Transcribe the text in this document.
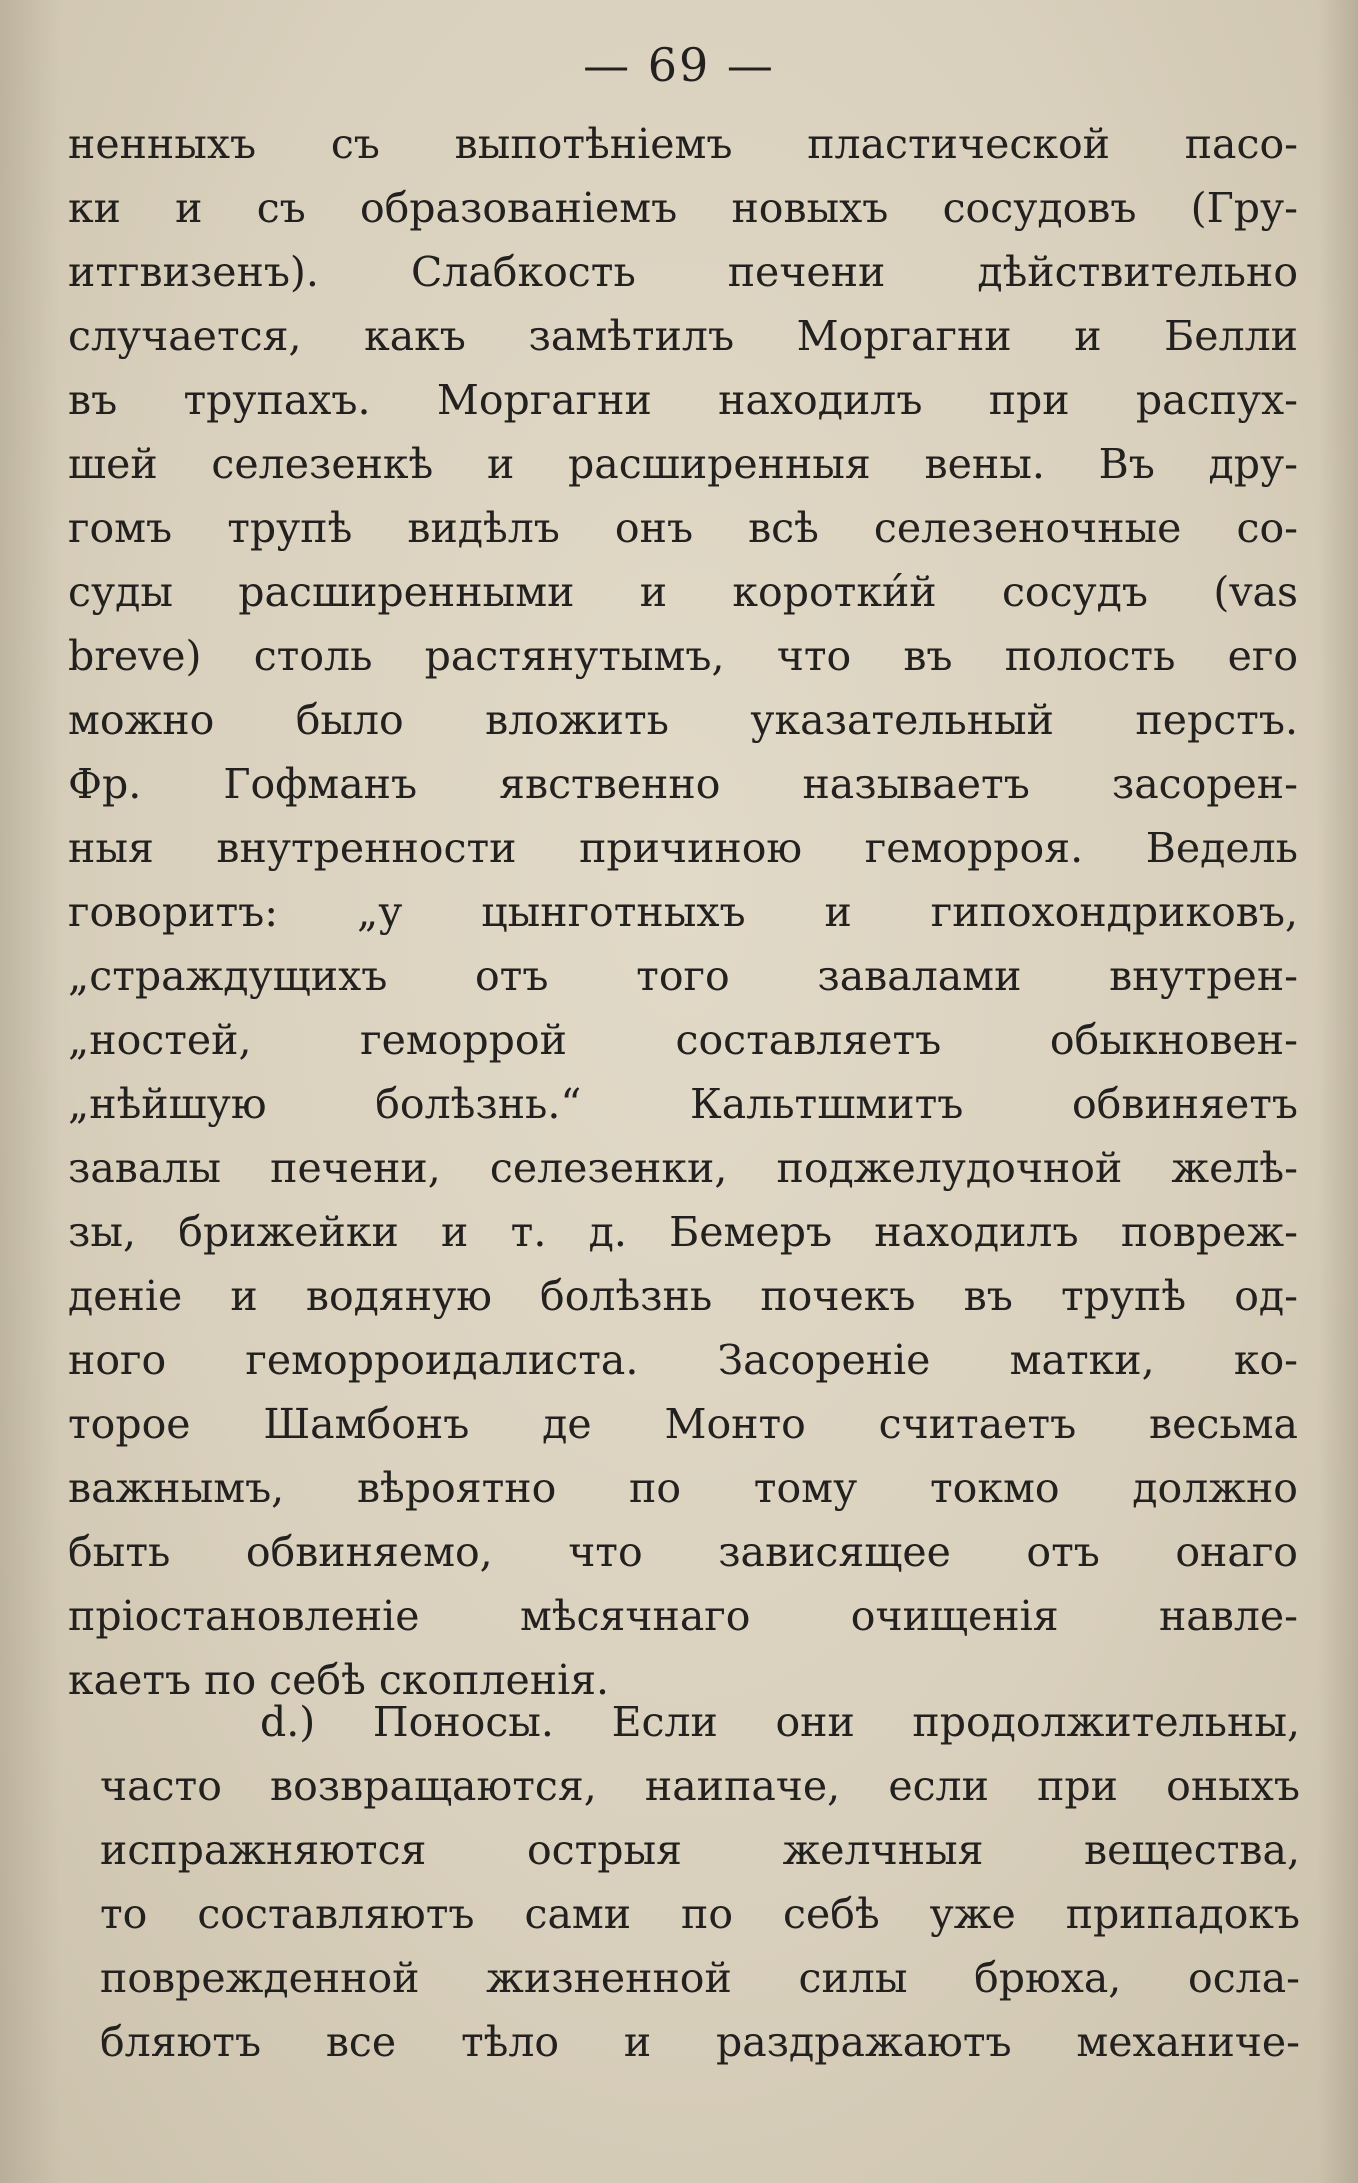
— 69 —
ненныхъ съ выпотѣніемъ пластической пасо-
ки и съ образованіемъ новыхъ сосудовъ (Гру-
итгвизенъ). Слабкость печени дѣйствительно
случается, какъ замѣтилъ Моргагни и Белли
въ трупахъ. Моргагни находилъ при распух-
шей селезенкѣ и расширенныя вены. Въ дру-
гомъ трупѣ видѣлъ онъ всѣ селезеночные со-
суды расширенными и коротки́й сосудъ (vas
breve) столь растянутымъ, что въ полость его
можно было вложить указательный перстъ.
Фр. Гофманъ явственно называетъ засорен-
ныя внутренности причиною геморроя. Ведель
говоритъ: „у цынготныхъ и гипохондриковъ,
„страждущихъ отъ того завалами внутрен-
„ностей, геморрой составляетъ обыкновен-
„нѣйшую болѣзнь.“ Кальтшмитъ обвиняетъ
завалы печени, селезенки, поджелудочной желѣ-
зы, брижейки и т. д. Бемеръ находилъ повреж-
деніе и водяную болѣзнь почекъ въ трупѣ од-
ного геморроидалиста. Засореніе матки, ко-
торое Шамбонъ де Монто считаетъ весьма
важнымъ, вѣроятно по тому токмо должно
быть обвиняемо, что зависящее отъ онаго
пріостановленіе мѣсячнаго очищенія навле-
каетъ по себѣ скопленія.
d.) Поносы. Если они продолжительны,
часто возвращаются, наипаче, если при оныхъ
испражняются острыя желчныя вещества,
то составляютъ сами по себѣ уже припадокъ
поврежденной жизненной силы брюха, осла-
бляютъ все тѣло и раздражаютъ механиче-
